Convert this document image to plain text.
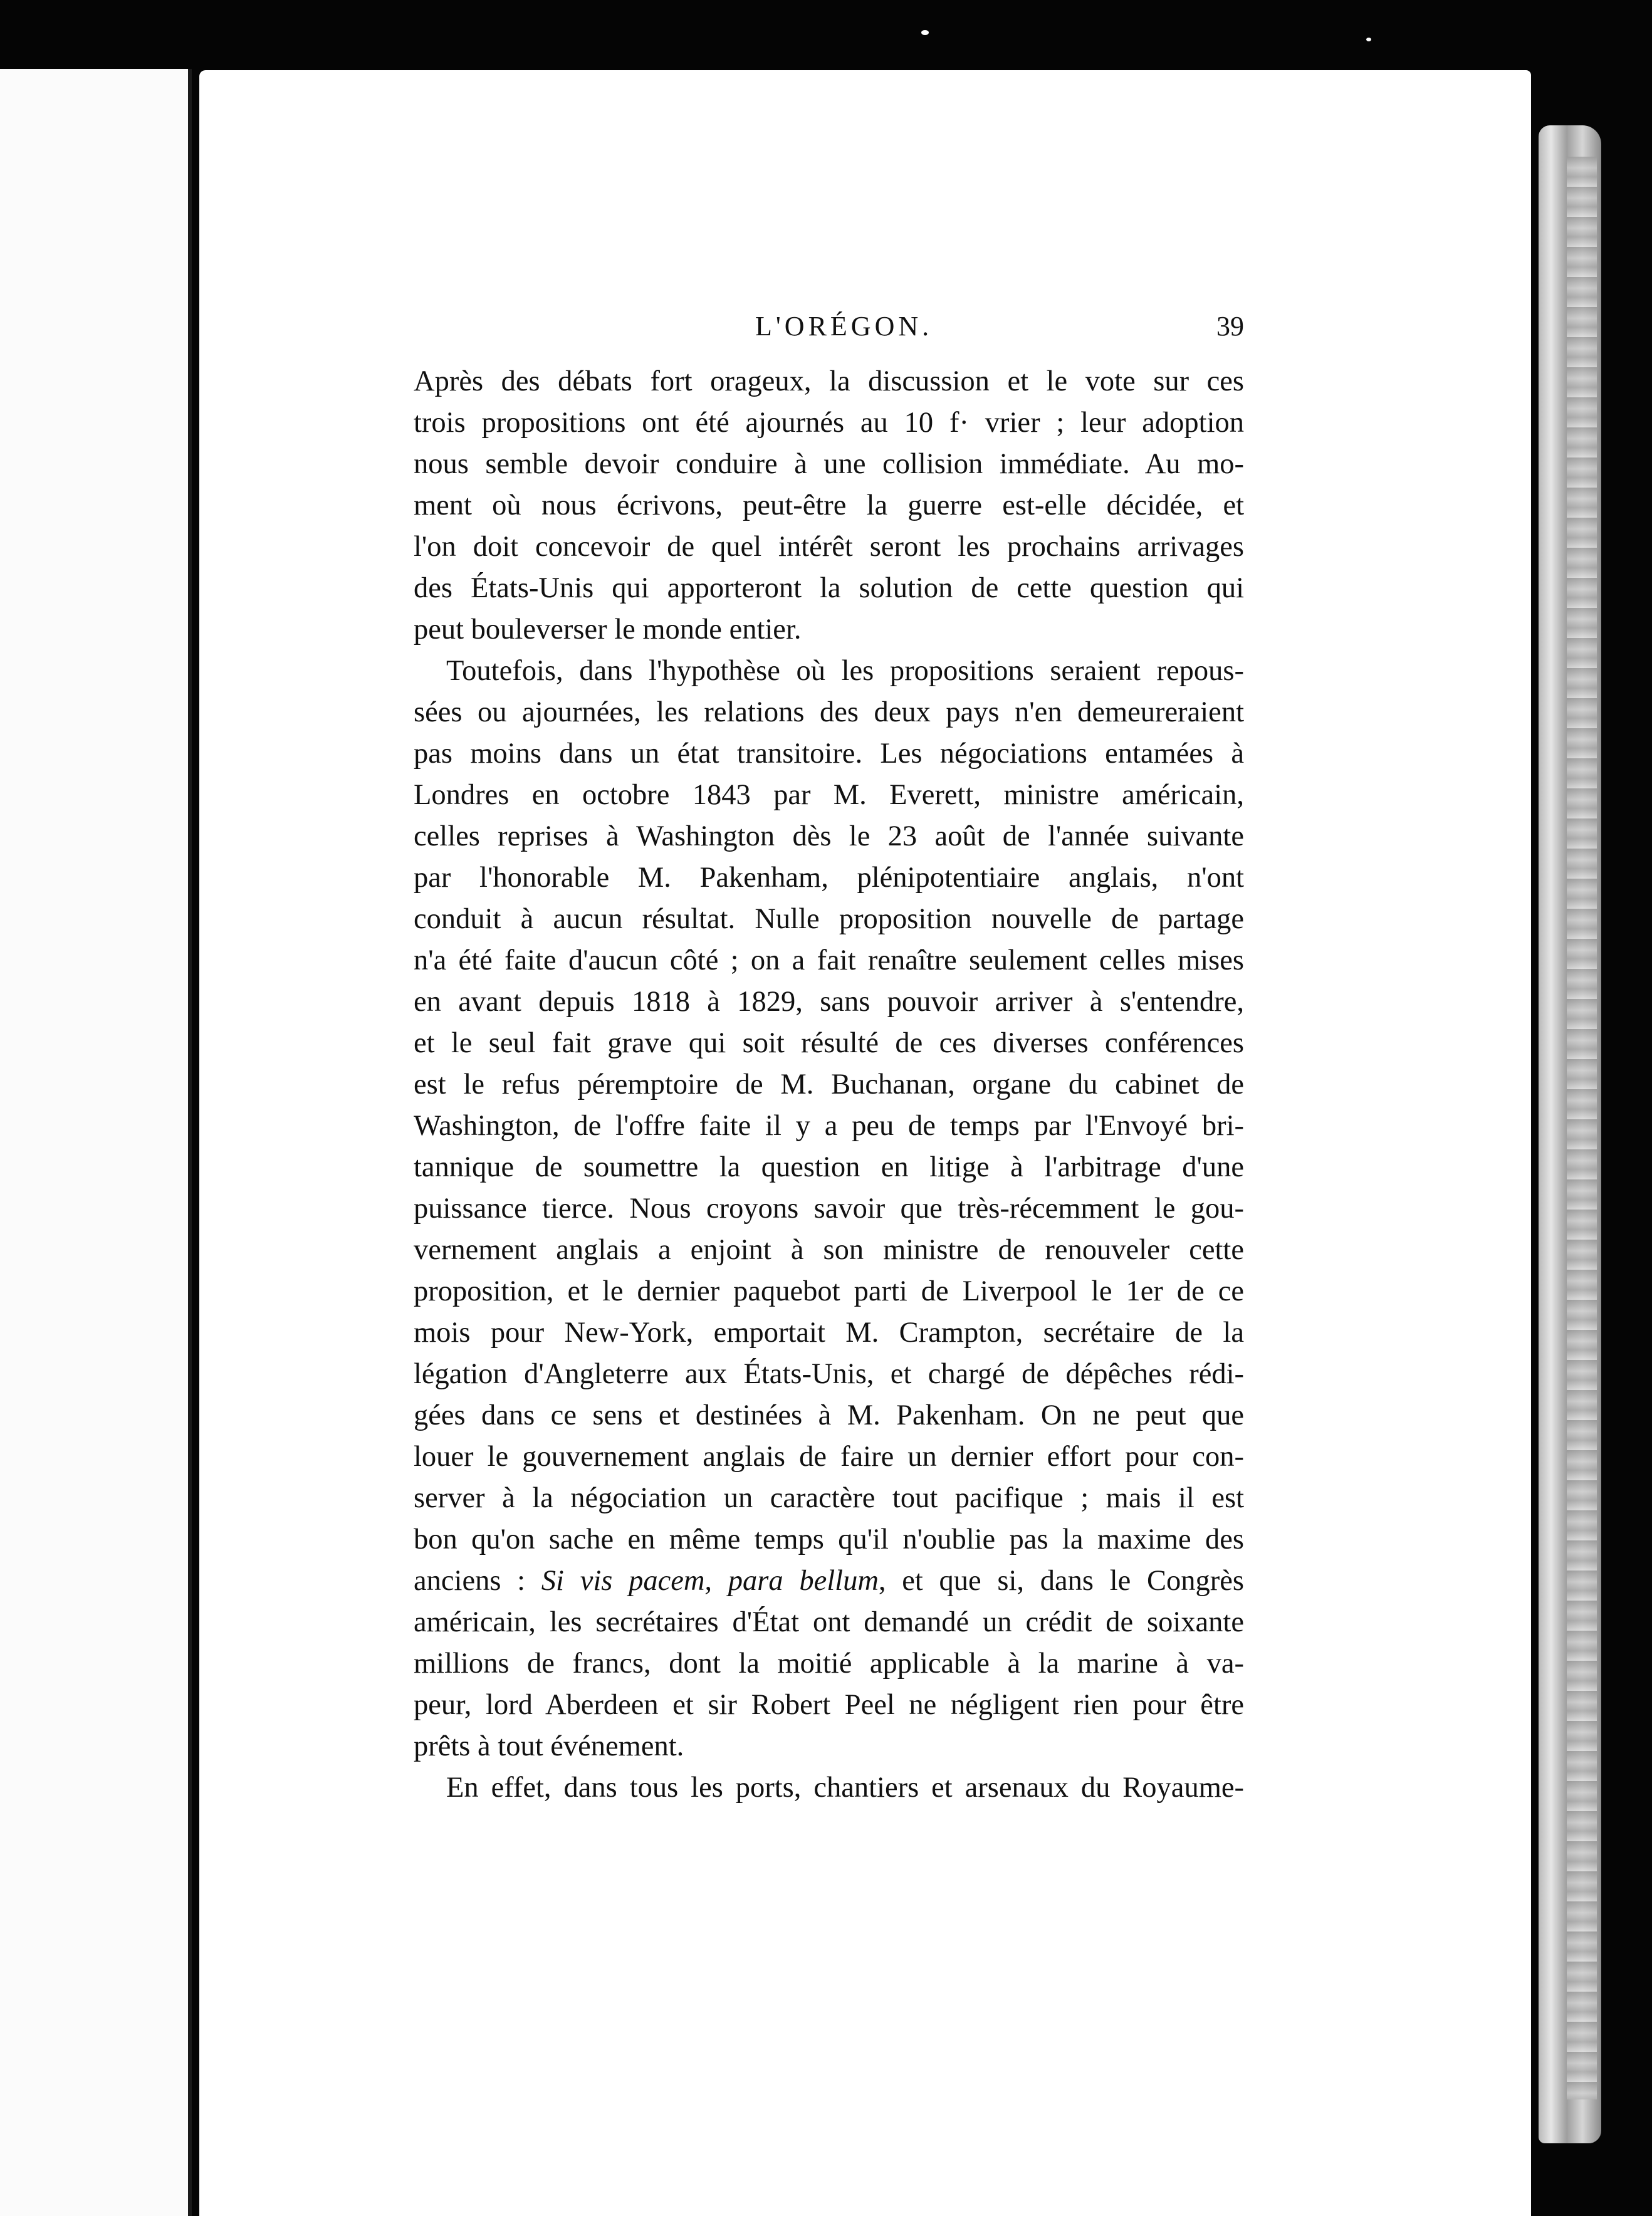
L'ORÉGON.	39
Après des débats fort orageux, la discussion et le vote sur ces
trois propositions ont été ajournés au 10 f· vrier ; leur adoption
nous semble devoir conduire à une collision immédiate. Au mo-
ment où nous écrivons, peut-être la guerre est-elle décidée, et
l'on doit concevoir de quel intérêt seront les prochains arrivages
des États-Unis qui apporteront la solution de cette question qui
peut bouleverser le monde entier.
Toutefois, dans l'hypothèse où les propositions seraient repous-
sées ou ajournées, les relations des deux pays n'en demeureraient
pas moins dans un état transitoire. Les négociations entamées à
Londres en octobre 1843 par M. Everett, ministre américain,
celles reprises à Washington dès le 23 août de l'année suivante
par l'honorable M. Pakenham, plénipotentiaire anglais, n'ont
conduit à aucun résultat. Nulle proposition nouvelle de partage
n'a été faite d'aucun côté ; on a fait renaître seulement celles mises
en avant depuis 1818 à 1829, sans pouvoir arriver à s'entendre,
et le seul fait grave qui soit résulté de ces diverses conférences
est le refus péremptoire de M. Buchanan, organe du cabinet de
Washington, de l'offre faite il y a peu de temps par l'Envoyé bri-
tannique de soumettre la question en litige à l'arbitrage d'une
puissance tierce. Nous croyons savoir que très-récemment le gou-
vernement anglais a enjoint à son ministre de renouveler cette
proposition, et le dernier paquebot parti de Liverpool le 1er de ce
mois pour New-York, emportait M. Crampton, secrétaire de la
légation d'Angleterre aux États-Unis, et chargé de dépêches rédi-
gées dans ce sens et destinées à M. Pakenham. On ne peut que
louer le gouvernement anglais de faire un dernier effort pour con-
server à la négociation un caractère tout pacifique ; mais il est
bon qu'on sache en même temps qu'il n'oublie pas la maxime des
anciens : Si vis pacem, para bellum, et que si, dans le Congrès
américain, les secrétaires d'État ont demandé un crédit de soixante
millions de francs, dont la moitié applicable à la marine à va-
peur, lord Aberdeen et sir Robert Peel ne négligent rien pour être
prêts à tout événement.
En effet, dans tous les ports, chantiers et arsenaux du Royaume-
